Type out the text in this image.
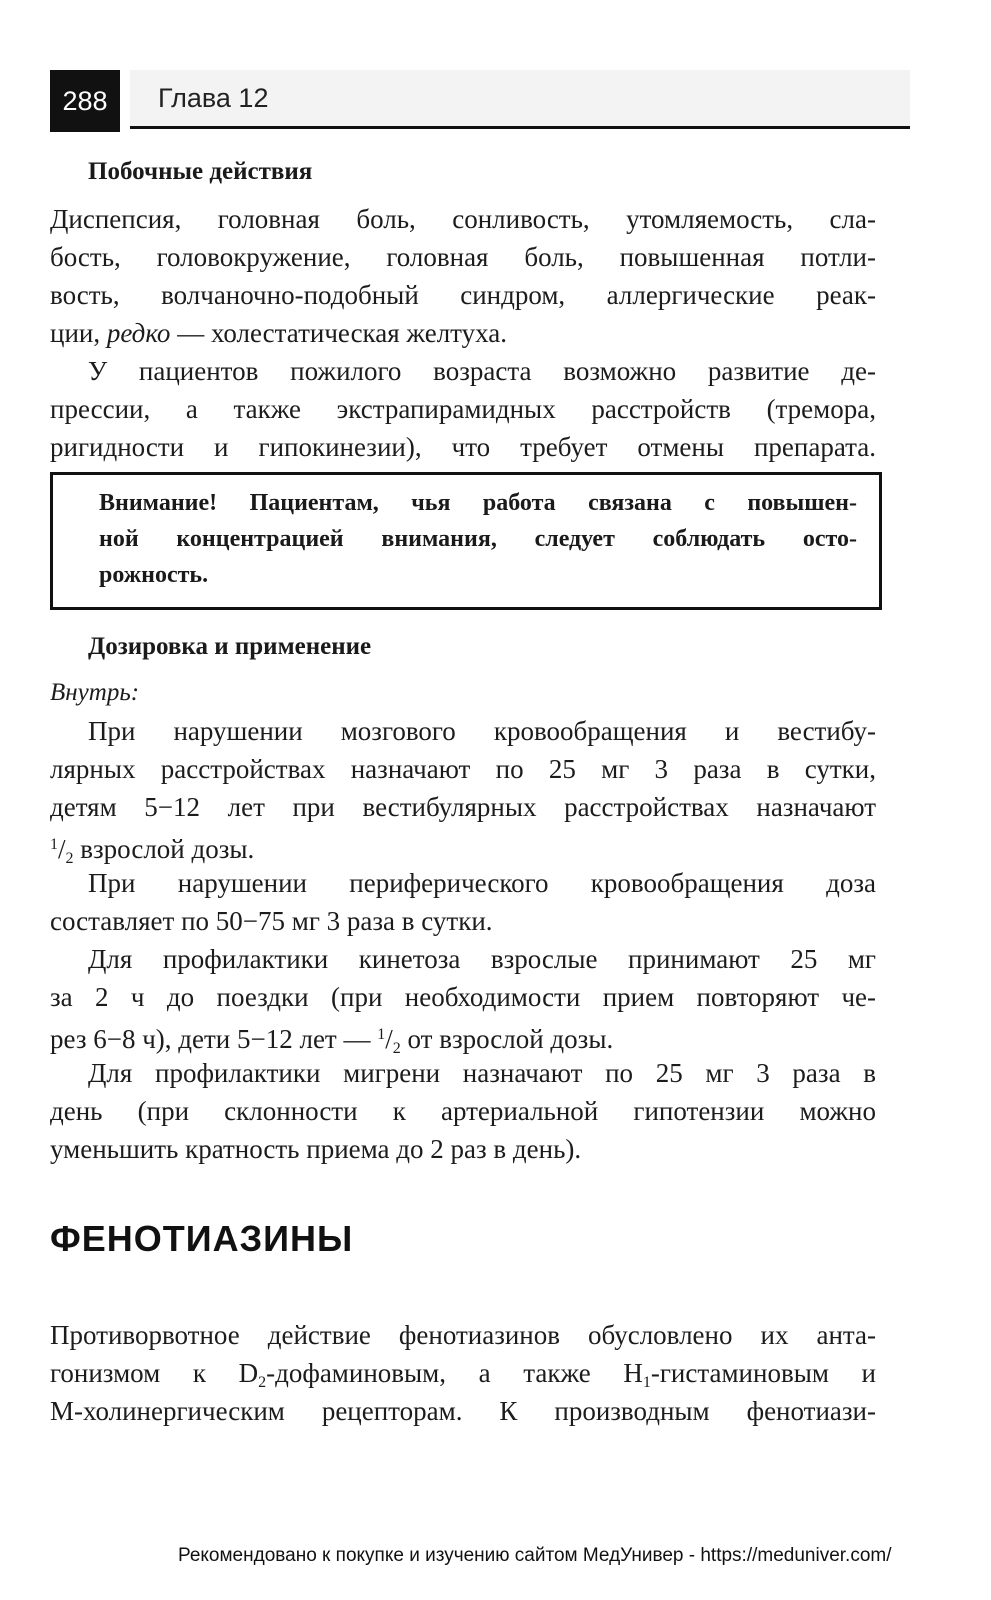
288	Глава 12
Побочные действия
Диспепсия, головная боль, сонливость, утомляемость, сла-
бость, головокружение, головная боль, повышенная потли-
вость, волчаночно-подобный синдром, аллергические реак-
ции, редко — холестатическая желтуха.
У пациентов пожилого возраста возможно развитие де-
прессии, а также экстрапирамидных расстройств (тремора,
ригидности и гипокинезии), что требует отмены препарата.
Внимание! Пациентам, чья работа связана с повышен-
ной концентрацией внимания, следует соблюдать осто-
рожность.
Дозировка и применение
Внутрь:
При нарушении мозгового кровообращения и вестибу-
лярных расстройствах назначают по 25 мг 3 раза в сутки,
детям 5−12 лет при вестибулярных расстройствах назначают
$^1/_2$ взрослой дозы.
При нарушении периферического кровообращения доза
составляет по 50−75 мг 3 раза в сутки.
Для профилактики кинетоза взрослые принимают 25 мг
за 2 ч до поездки (при необходимости прием повторяют че-
рез 6−8 ч), дети 5−12 лет — $^1/_2$ от взрослой дозы.
Для профилактики мигрени назначают по 25 мг 3 раза в
день (при склонности к артериальной гипотензии можно
уменьшить кратность приема до 2 раз в день).
ФЕНОТИАЗИНЫ
Противорвотное действие фенотиазинов обусловлено их анта-
гонизмом к $D_2$-дофаминовым, а также $H_1$-гистаминовым и
М-холинергическим рецепторам. К производным фенотиази-
Рекомендовано к покупке и изучению сайтом МедУнивер - https://meduniver.com/
